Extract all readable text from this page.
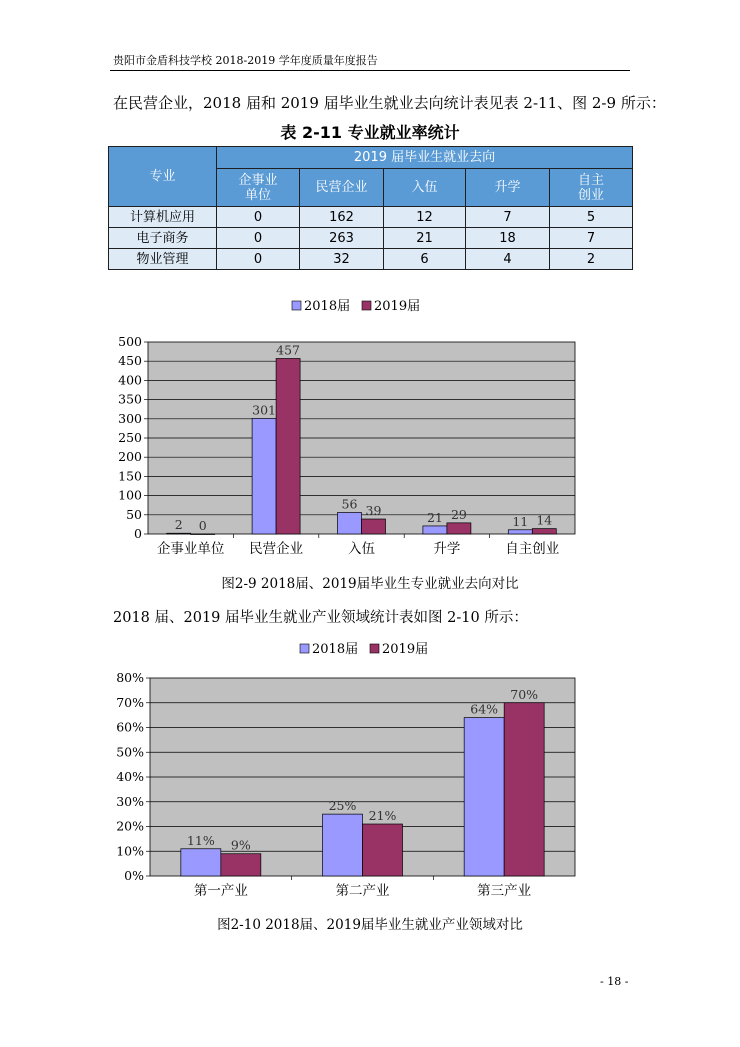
贵阳市金盾科技学校 2018-2019 学年度质量年度报告
在民营企业，2018 届和 2019 届毕业生就业去向统计表见表 2-11、图 2-9 所示：
表 2-11 专业就业率统计
专业	2019 届毕业生就业去向				
	企事业单位	民营企业	入伍	升学	自主创业
计算机应用	0	162	12	7	5
电子商务	0	263	21	18	7
物业管理	0	32	6	4	2
2018届 2019届
0
50
100
150
200
250
300
350
400
450
500
2 0
企事业单位
301
457
民营企业
56 39
入伍
21 29
升学
11 14
自主创业
图2-9 2018届、2019届毕业生专业就业去向对比
2018 届、2019 届毕业生就业产业领域统计表如图 2-10 所示：
2018届 2019届
0%
10%
20%
30%
40%
50%
60%
70%
80%
11% 9%
第一产业
25%
21%
第二产业
64%
70%
第三产业
图2-10 2018届、2019届毕业生就业产业领域对比
- 18 -
